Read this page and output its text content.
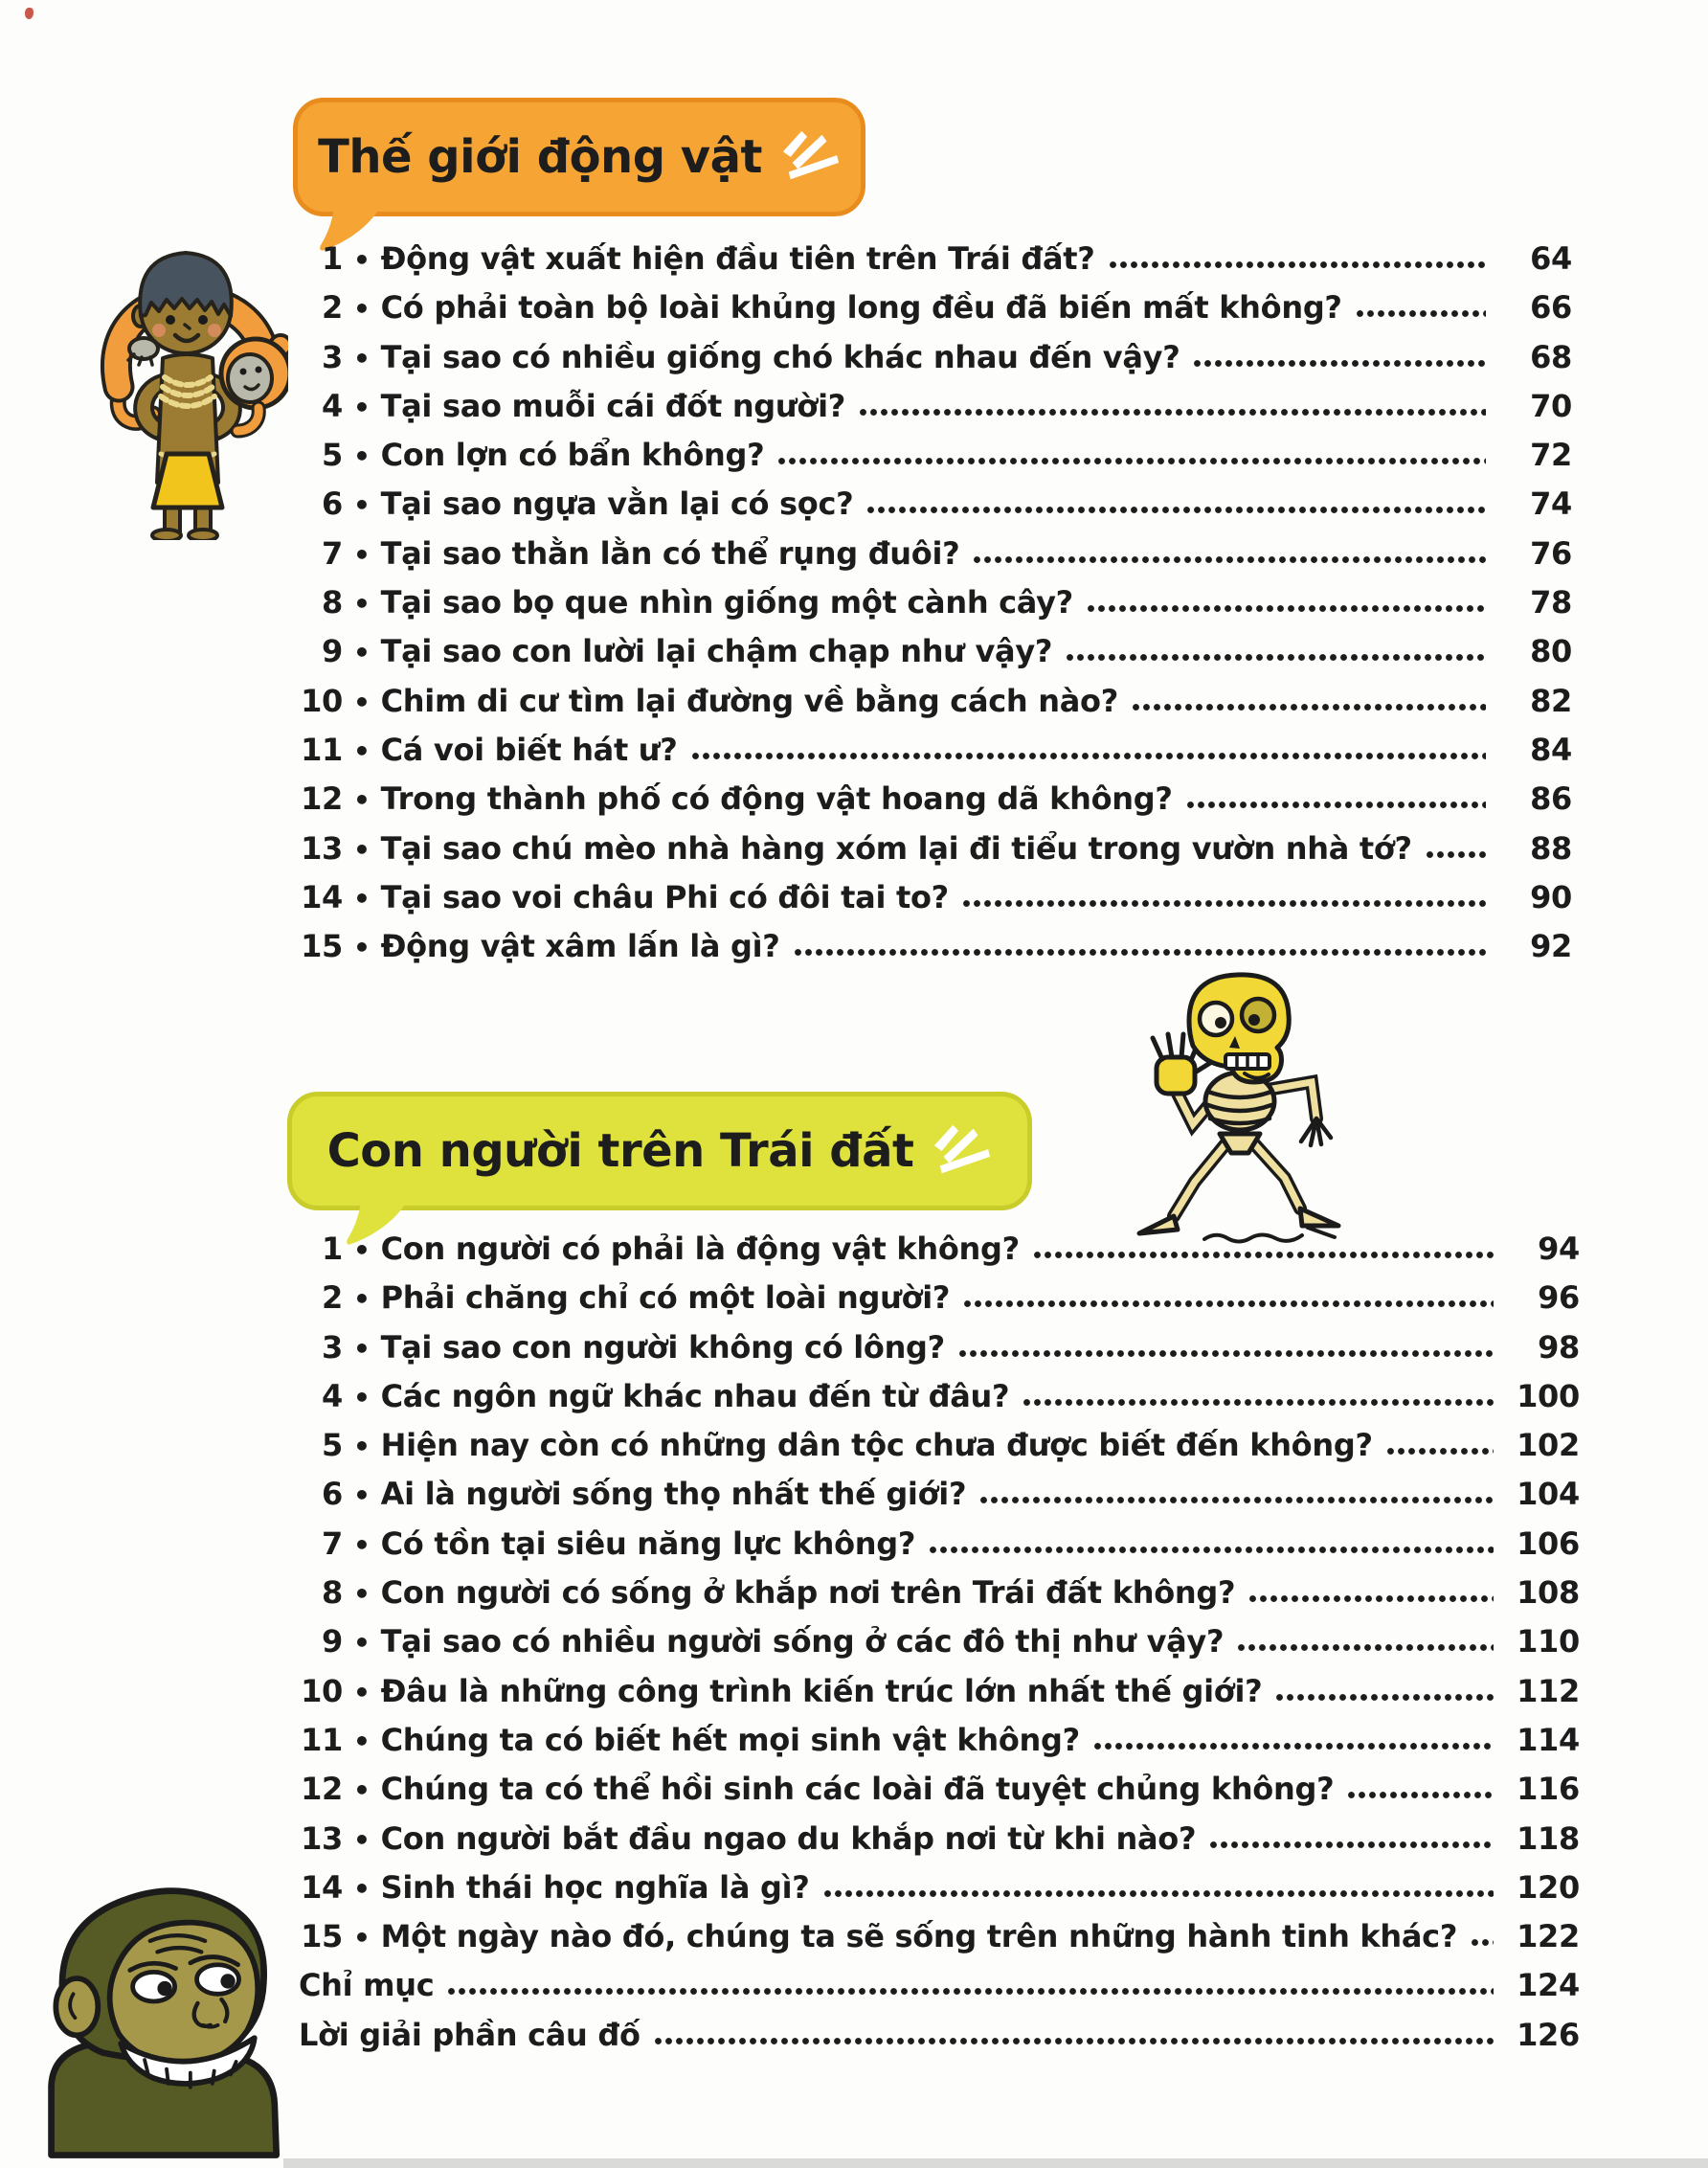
Thế giới động vật
1 • Động vật xuất hiện đầu tiên trên Trái đất?	64
2 • Có phải toàn bộ loài khủng long đều đã biến mất không?	66
3 • Tại sao có nhiều giống chó khác nhau đến vậy?	68
4 • Tại sao muỗi cái đốt người?	70
5 • Con lợn có bẩn không?	72
6 • Tại sao ngựa vằn lại có sọc?	74
7 • Tại sao thằn lằn có thể rụng đuôi?	76
8 • Tại sao bọ que nhìn giống một cành cây?	78
9 • Tại sao con lười lại chậm chạp như vậy?	80
10 • Chim di cư tìm lại đường về bằng cách nào?	82
11 • Cá voi biết hát ư?	84
12 • Trong thành phố có động vật hoang dã không?	86
13 • Tại sao chú mèo nhà hàng xóm lại đi tiểu trong vườn nhà tớ?	88
14 • Tại sao voi châu Phi có đôi tai to?	90
15 • Động vật xâm lấn là gì?	92
Con người trên Trái đất
1 • Con người có phải là động vật không?	94
2 • Phải chăng chỉ có một loài người?	96
3 • Tại sao con người không có lông?	98
4 • Các ngôn ngữ khác nhau đến từ đâu?	100
5 • Hiện nay còn có những dân tộc chưa được biết đến không?	102
6 • Ai là người sống thọ nhất thế giới?	104
7 • Có tồn tại siêu năng lực không?	106
8 • Con người có sống ở khắp nơi trên Trái đất không?	108
9 • Tại sao có nhiều người sống ở các đô thị như vậy?	110
10 • Đâu là những công trình kiến trúc lớn nhất thế giới?	112
11 • Chúng ta có biết hết mọi sinh vật không?	114
12 • Chúng ta có thể hồi sinh các loài đã tuyệt chủng không?	116
13 • Con người bắt đầu ngao du khắp nơi từ khi nào?	118
14 • Sinh thái học nghĩa là gì?	120
15 • Một ngày nào đó, chúng ta sẽ sống trên những hành tinh khác?	122
Chỉ mục	124
Lời giải phần câu đố	126
